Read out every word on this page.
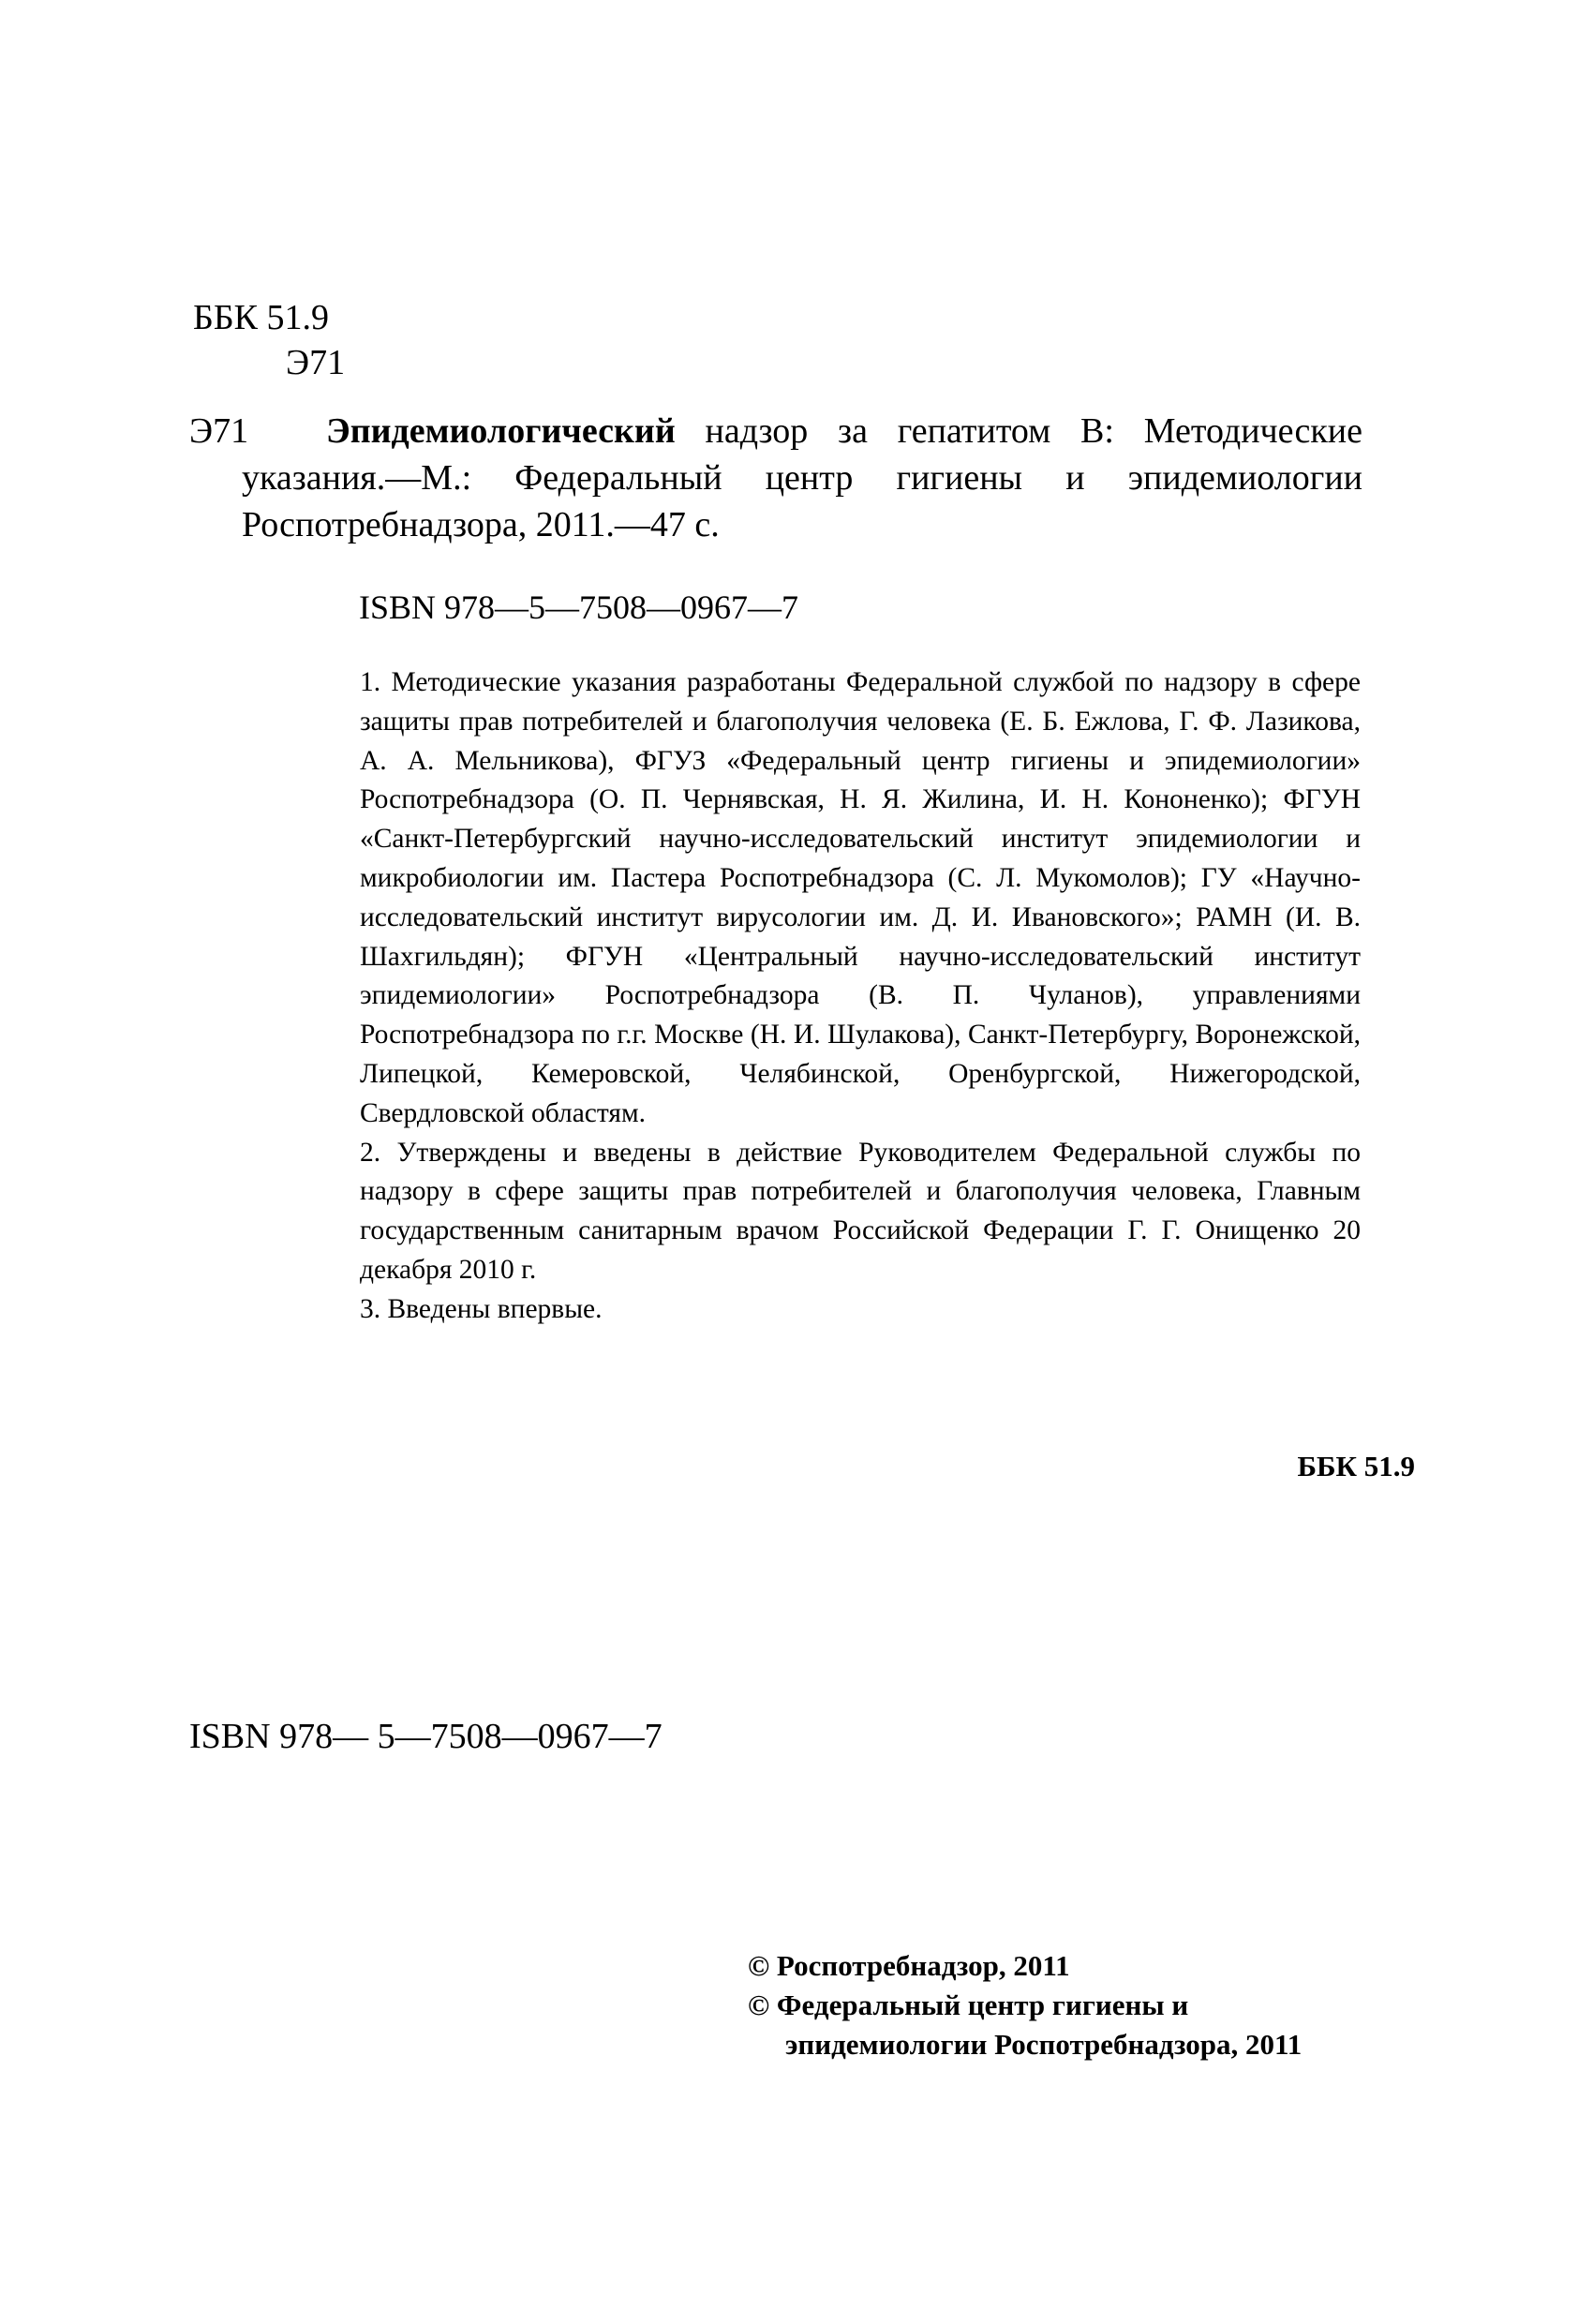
ББК 51.9
Э71
Э71	Эпидемиологический надзор за гепатитом В: Методические указания.—М.: Федеральный центр гигиены и эпидемиологии Роспотребнадзора, 2011.—47 с.
ISBN 978—5—7508—0967—7

1. Методические указания разработаны Федеральной службой по надзору в сфере защиты прав потребителей и благополучия человека (Е. Б. Ежлова, Г. Ф. Лазикова, А. А. Мельникова), ФГУЗ «Федеральный центр гигиены и эпидемиологии» Роспотребнадзора (О. П. Чернявская, Н. Я. Жилина, И. Н. Кононенко); ФГУН «Санкт-Петербургский научно-исследовательский институт эпидемиологии и микробиологии им. Пастера Роспотребнадзора (С. Л. Мукомолов); ГУ «Научно-исследовательский институт вирусологии им. Д. И. Ивановского»; РАМН (И. В. Шахгильдян); ФГУН «Центральный научно-исследовательский институт эпидемиологии» Роспотребнадзора (В. П. Чуланов), управлениями Роспотребнадзора по г.г. Москве (Н. И. Шулакова), Санкт-Петербургу, Воронежской, Липецкой, Кемеровской, Челябинской, Оренбургской, Нижегородской, Свердловской областям.

2. Утверждены и введены в действие Руководителем Федеральной службы по надзору в сфере защиты прав потребителей и благополучия человека, Главным государственным санитарным врачом Российской Федерации Г. Г. Онищенко 20 декабря 2010 г.

3. Введены впервые.

ББК 51.9
ISBN 978— 5—7508—0967—7
© Роспотребнадзор, 2011
© Федеральный центр гигиены и
эпидемиологии Роспотребнадзора, 2011
